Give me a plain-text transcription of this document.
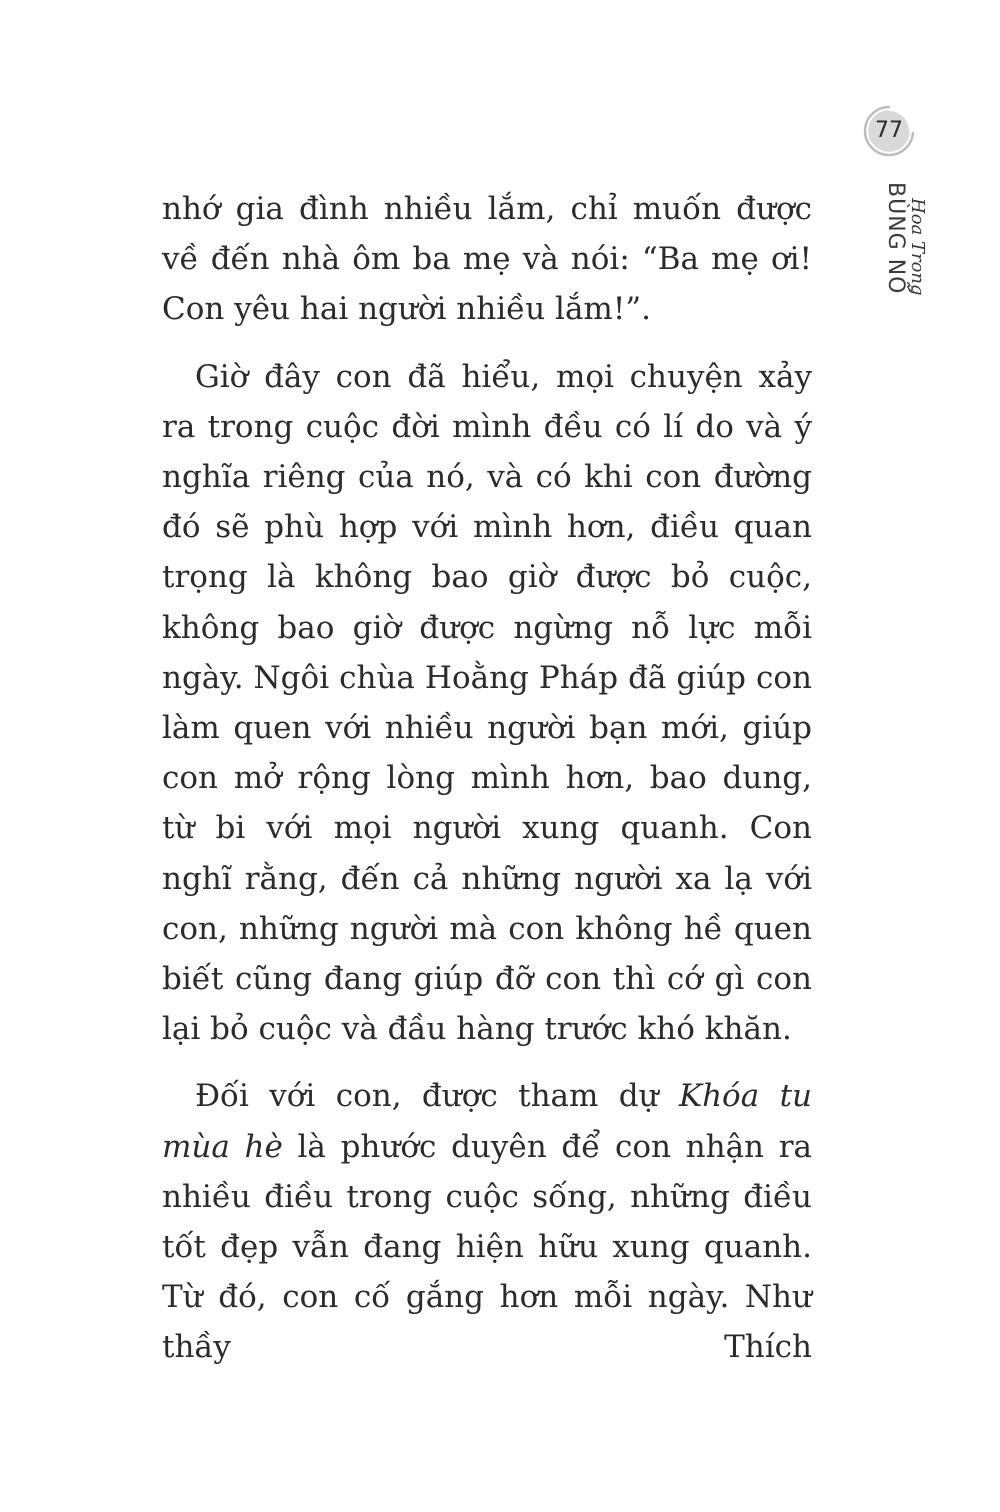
77
BÙNG NỔ Hoa Trong

nhớ gia đình nhiều lắm, chỉ muốn được về đến nhà ôm ba mẹ và nói: “Ba mẹ ơi! Con yêu hai người nhiều lắm!”.

Giờ đây con đã hiểu, mọi chuyện xảy ra trong cuộc đời mình đều có lí do và ý nghĩa riêng của nó, và có khi con đường đó sẽ phù hợp với mình hơn, điều quan trọng là không bao giờ được bỏ cuộc, không bao giờ được ngừng nỗ lực mỗi ngày. Ngôi chùa Hoằng Pháp đã giúp con làm quen với nhiều người bạn mới, giúp con mở rộng lòng mình hơn, bao dung, từ bi với mọi người xung quanh. Con nghĩ rằng, đến cả những người xa lạ với con, những người mà con không hề quen biết cũng đang giúp đỡ con thì cớ gì con lại bỏ cuộc và đầu hàng trước khó khăn.

Đối với con, được tham dự Khóa tu mùa hè là phước duyên để con nhận ra nhiều điều trong cuộc sống, những điều tốt đẹp vẫn đang hiện hữu xung quanh. Từ đó, con cố gắng hơn mỗi ngày. Như thầy Thích
